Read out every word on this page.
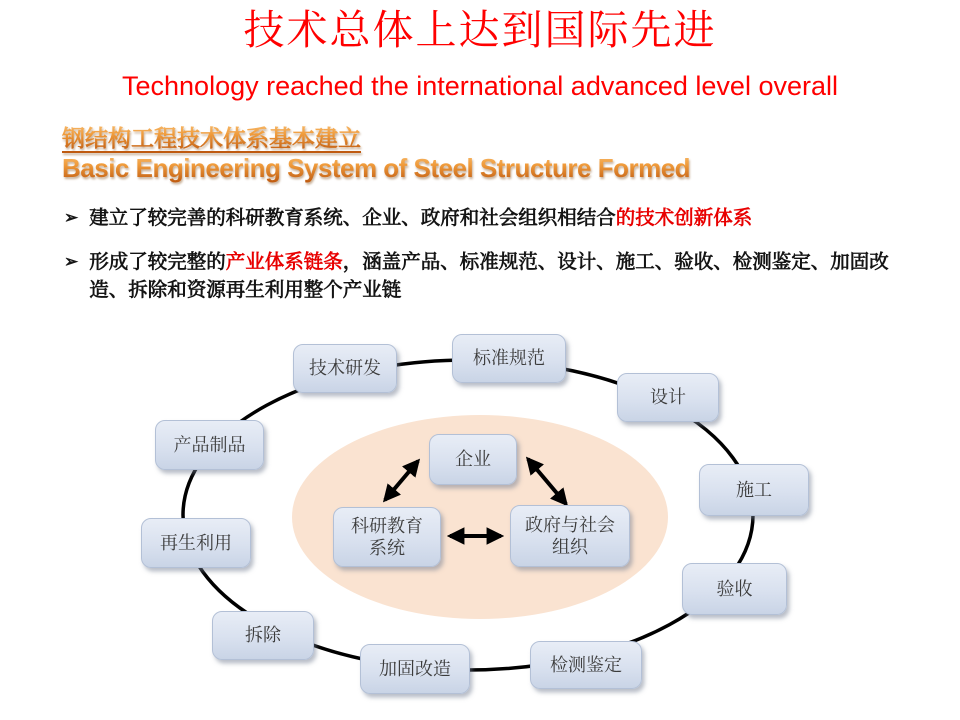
技术总体上达到国际先进
Technology reached the international advanced level overall
钢结构工程技术体系基本建立
Basic Engineering System of Steel Structure Formed
➢ 建立了较完善的科研教育系统、企业、政府和社会组织相结合的技术创新体系
➢ 形成了较完整的产业体系链条，涵盖产品、标准规范、设计、施工、验收、检测鉴定、加固改造、拆除和资源再生利用整个产业链
标准规范
设计
施工
验收
检测鉴定
加固改造
拆除
再生利用
产品制品
技术研发
企业
科研教育
系统
政府与社会
组织
